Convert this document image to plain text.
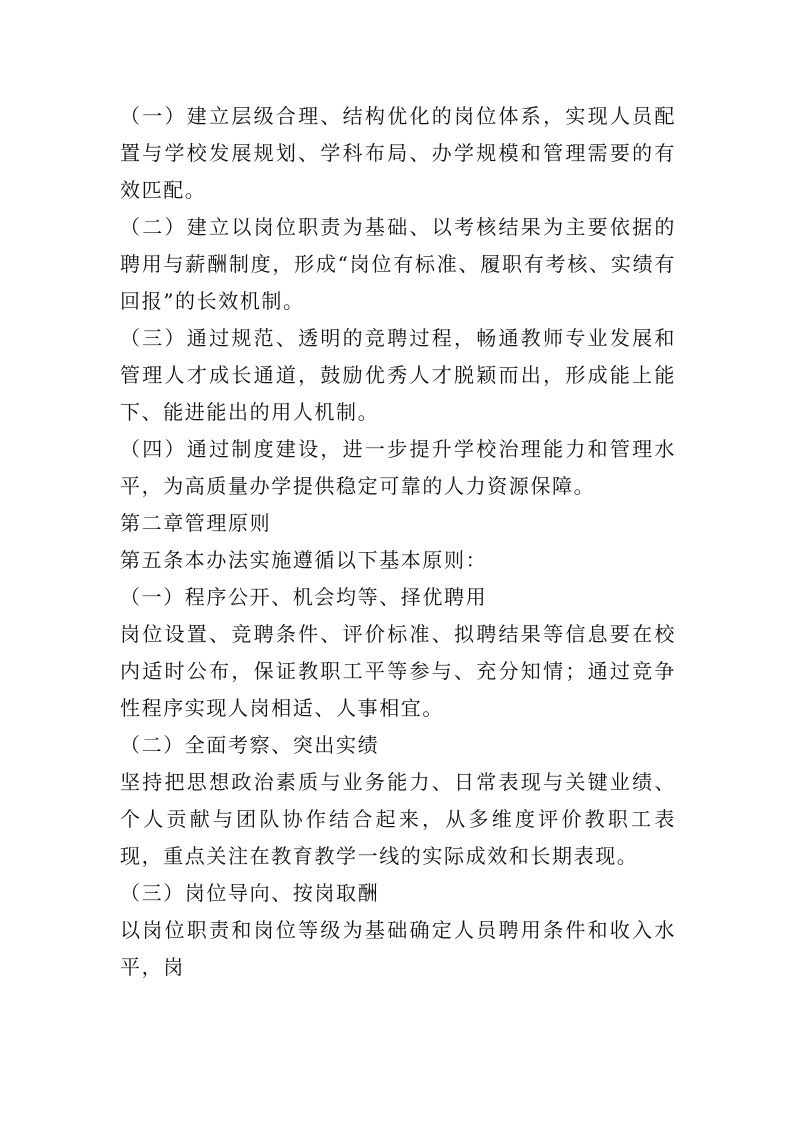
（一）建立层级合理、结构优化的岗位体系，实现人员配置与学校发展规划、学科布局、办学规模和管理需要的有效匹配。

（二）建立以岗位职责为基础、以考核结果为主要依据的聘用与薪酬制度，形成“岗位有标准、履职有考核、实绩有回报”的长效机制。

（三）通过规范、透明的竞聘过程，畅通教师专业发展和管理人才成长通道，鼓励优秀人才脱颖而出，形成能上能下、能进能出的用人机制。

（四）通过制度建设，进一步提升学校治理能力和管理水平，为高质量办学提供稳定可靠的人力资源保障。

第二章管理原则

第五条本办法实施遵循以下基本原则：

（一）程序公开、机会均等、择优聘用

岗位设置、竞聘条件、评价标准、拟聘结果等信息要在校内适时公布，保证教职工平等参与、充分知情；通过竞争性程序实现人岗相适、人事相宜。

（二）全面考察、突出实绩

坚持把思想政治素质与业务能力、日常表现与关键业绩、个人贡献与团队协作结合起来，从多维度评价教职工表现，重点关注在教育教学一线的实际成效和长期表现。

（三）岗位导向、按岗取酬

以岗位职责和岗位等级为基础确定人员聘用条件和收入水平，岗
